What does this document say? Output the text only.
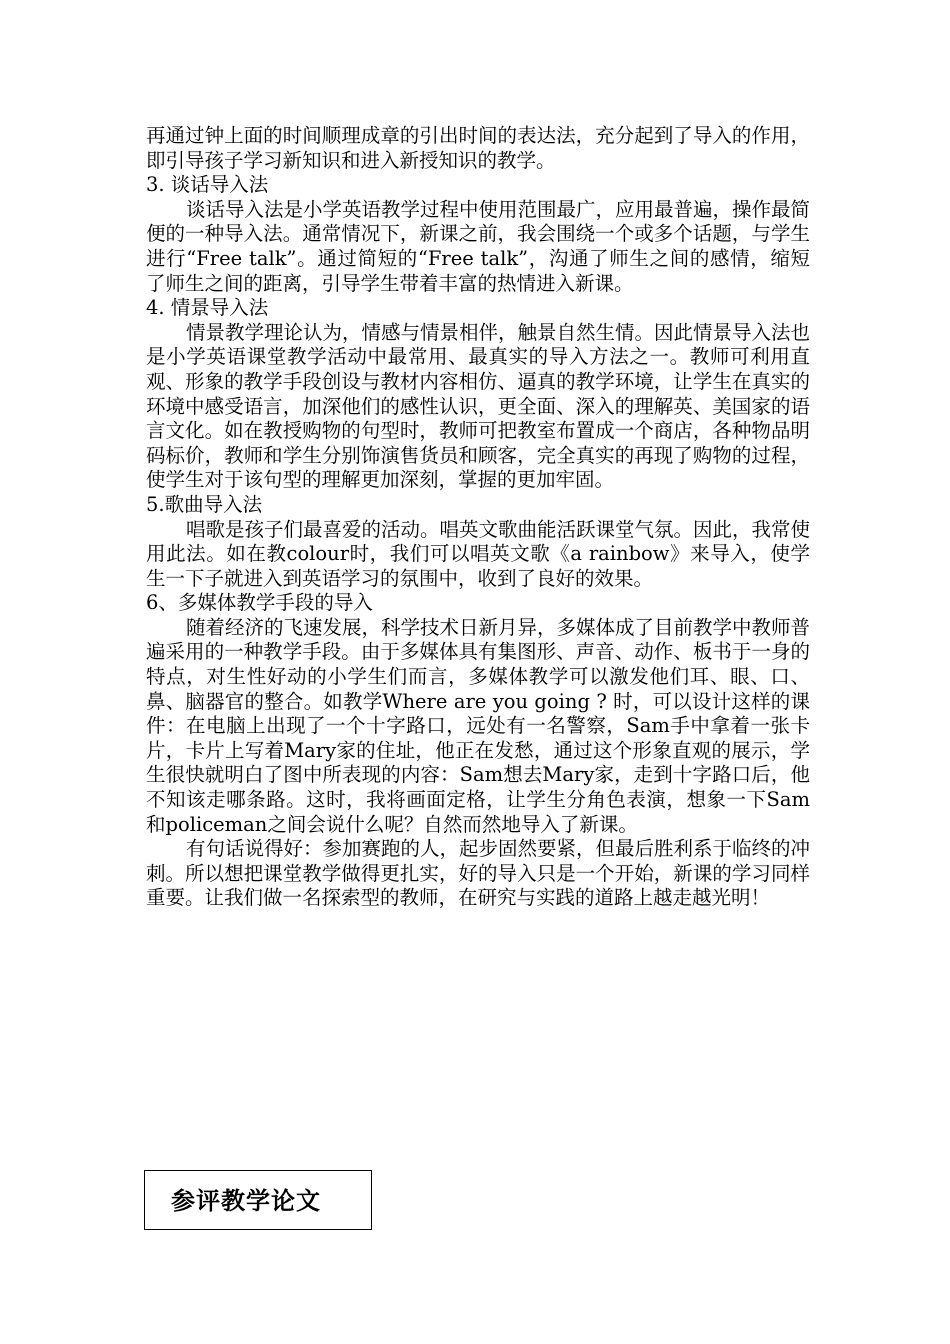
再通过钟上面的时间顺理成章的引出时间的表达法，充分起到了导入的作用，即引导孩子学习新知识和进入新授知识的教学。

3. 谈话导入法

谈话导入法是小学英语教学过程中使用范围最广，应用最普遍，操作最简便的一种导入法。通常情况下，新课之前，我会围绕一个或多个话题，与学生进行“Free talk”。通过简短的“Free talk”，沟通了师生之间的感情，缩短了师生之间的距离，引导学生带着丰富的热情进入新课。

4. 情景导入法

情景教学理论认为，情感与情景相伴，触景自然生情。因此情景导入法也是小学英语课堂教学活动中最常用、最真实的导入方法之一。教师可利用直观、形象的教学手段创设与教材内容相仿、逼真的教学环境，让学生在真实的环境中感受语言，加深他们的感性认识，更全面、深入的理解英、美国家的语言文化。如在教授购物的句型时，教师可把教室布置成一个商店，各种物品明码标价，教师和学生分别饰演售货员和顾客，完全真实的再现了购物的过程，使学生对于该句型的理解更加深刻，掌握的更加牢固。

5.歌曲导入法

唱歌是孩子们最喜爱的活动。唱英文歌曲能活跃课堂气氛。因此，我常使用此法。如在教colour时，我们可以唱英文歌《a rainbow》来导入，使学生一下子就进入到英语学习的氛围中，收到了良好的效果。

6、多媒体教学手段的导入

随着经济的飞速发展，科学技术日新月异，多媒体成了目前教学中教师普遍采用的一种教学手段。由于多媒体具有集图形、声音、动作、板书于一身的特点，对生性好动的小学生们而言，多媒体教学可以激发他们耳、眼、口、鼻、脑器官的整合。如教学Where are you going ? 时，可以设计这样的课件：在电脑上出现了一个十字路口，远处有一名警察，Sam手中拿着一张卡片，卡片上写着Mary家的住址，他正在发愁，通过这个形象直观的展示，学生很快就明白了图中所表现的内容：Sam想去Mary家，走到十字路口后，他不知该走哪条路。这时，我将画面定格，让学生分角色表演，想象一下Sam和policeman之间会说什么呢？自然而然地导入了新课。

有句话说得好：参加赛跑的人，起步固然要紧，但最后胜利系于临终的冲刺。所以想把课堂教学做得更扎实，好的导入只是一个开始，新课的学习同样重要。让我们做一名探索型的教师，在研究与实践的道路上越走越光明！

参评教学论文
